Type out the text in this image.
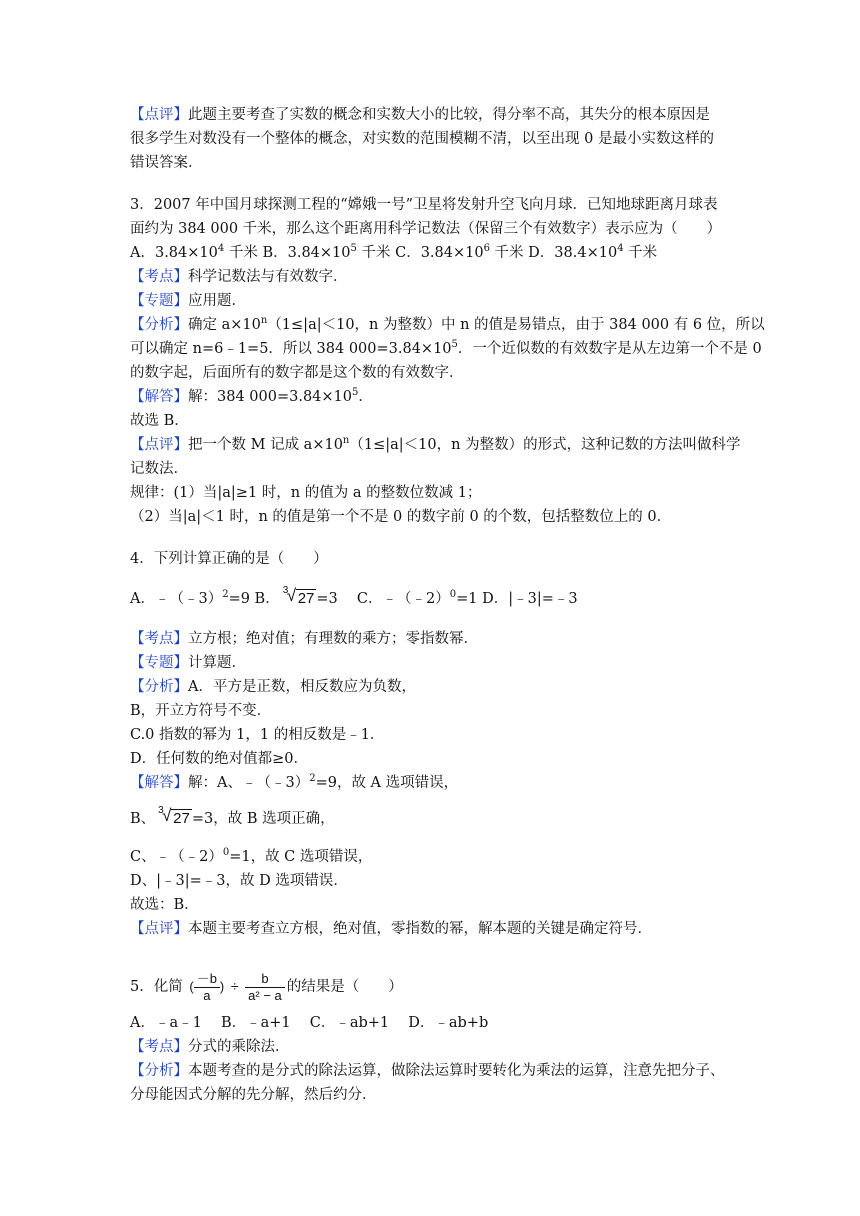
【点评】此题主要考查了实数的概念和实数大小的比较，得分率不高，其失分的根本原因是
很多学生对数没有一个整体的概念，对实数的范围模糊不清，以至出现 0 是最小实数这样的
错误答案．
3．2007 年中国月球探测工程的“嫦娥一号”卫星将发射升空飞向月球．已知地球距离月球表
面约为 384 000 千米，那么这个距离用科学记数法（保留三个有效数字）表示应为（　　）
A．$3.84\times 10^4$ 千米 B．$3.84\times 10^5$ 千米 C．$3.84\times 10^6$ 千米 D．$38.4\times 10^4$ 千米
【考点】科学记数法与有效数字．
【专题】应用题．
【分析】确定 $a\times 10^n(1\le|a|<10$，n 为整数）中 n 的值是易错点，由于 384 000 有 6 位，所以
可以确定 n=6﹣1=5．所以 384 $000=3.84\times 10^5$．一个近似数的有效数字是从左边第一个不是 0
的数字起，后面所有的数字都是这个数的有效数字．
【解答】解：384 $000=3.84\times 10^5$．
故选 B．
【点评】把一个数 M 记成 $a\times 10^n(1\le|a|<10$，n 为整数）的形式，这种记数的方法叫做科学
记数法．
规律：(1）当|a|≥1 时，n 的值为 a 的整数位数减 1；
（2）当|a|＜1 时，n 的值是第一个不是 0 的数字前 0 的个数，包括整数位上的 0．
4．下列计算正确的是（　　）
A．﹣（﹣3）$^2$=9 B．
3
√ 27 =3　 C．﹣（﹣2）$^0$=1 D．|﹣3|=﹣3
【考点】立方根；绝对值；有理数的乘方；零指数幂．
【专题】计算题．
【分析】A．平方是正数，相反数应为负数，
B，开立方符号不变．
C.0 指数的幂为 1，1 的相反数是﹣1．
D．任何数的绝对值都≥0．
【解答】解：A、﹣（﹣3）$^2$=9，故 A 选项错误，
B、
3
√ 27 =3，故 B 选项正确，
C、﹣（﹣2）$^0$=1，故 C 选项错误，
D、|﹣3|=﹣3，故 D 选项错误．
故选：B．
【点评】本题主要考查立方根，绝对值，零指数的幂，解本题的关键是确定符号．
5．化简 ( $\frac{-b}{a}$ ) ÷ $\frac{b}{\text{a² − a}}$ 的结果是（　　）
A．﹣a﹣1　 B．﹣a+1　 C．﹣ab+1　 D．﹣ab+b
【考点】分式的乘除法．
【分析】本题考查的是分式的除法运算，做除法运算时要转化为乘法的运算，注意先把分子、
分母能因式分解的先分解，然后约分．
